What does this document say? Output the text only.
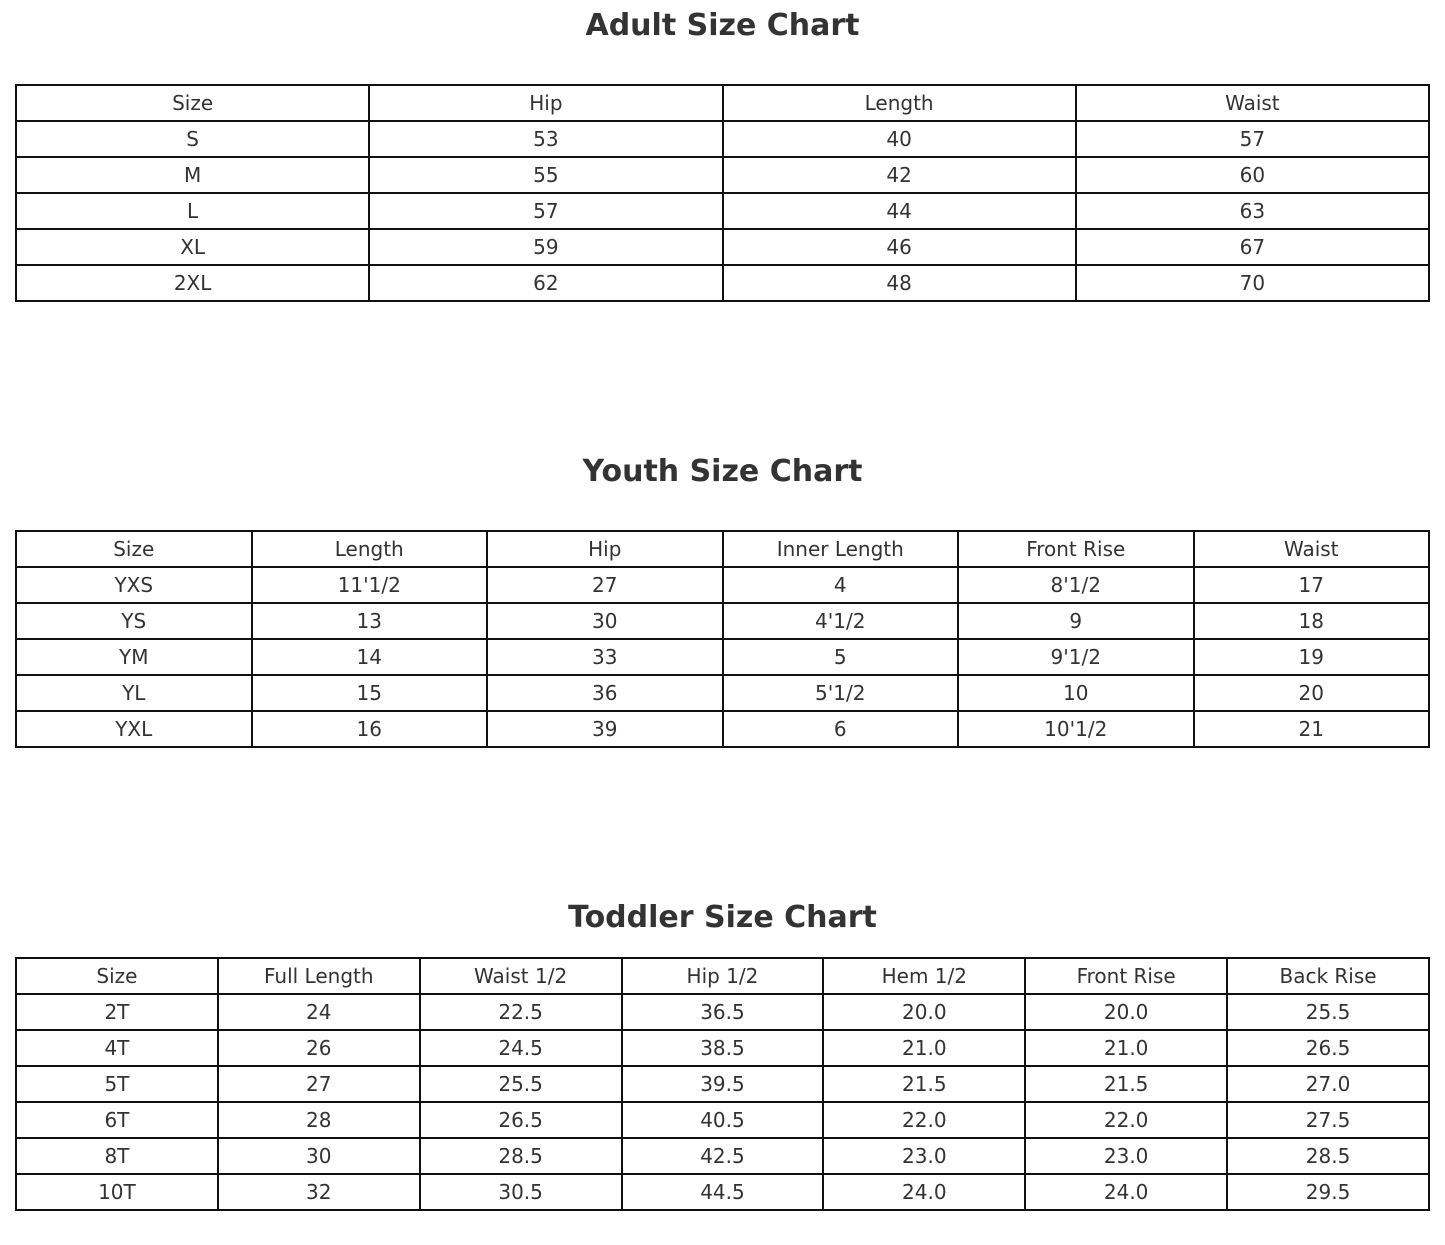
Adult Size Chart
Size	Hip	Length	Waist
S	53	40	57
M	55	42	60
L	57	44	63
XL	59	46	67
2XL	62	48	70
Youth Size Chart
Size	Length	Hip	Inner Length	Front Rise	Waist
YXS	11'1/2	27	4	8'1/2	17
YS	13	30	4'1/2	9	18
YM	14	33	5	9'1/2	19
YL	15	36	5'1/2	10	20
YXL	16	39	6	10'1/2	21
Toddler Size Chart
Size	Full Length	Waist 1/2	Hip 1/2	Hem 1/2	Front Rise	Back Rise
2T	24	22.5	36.5	20.0	20.0	25.5
4T	26	24.5	38.5	21.0	21.0	26.5
5T	27	25.5	39.5	21.5	21.5	27.0
6T	28	26.5	40.5	22.0	22.0	27.5
8T	30	28.5	42.5	23.0	23.0	28.5
10T	32	30.5	44.5	24.0	24.0	29.5
